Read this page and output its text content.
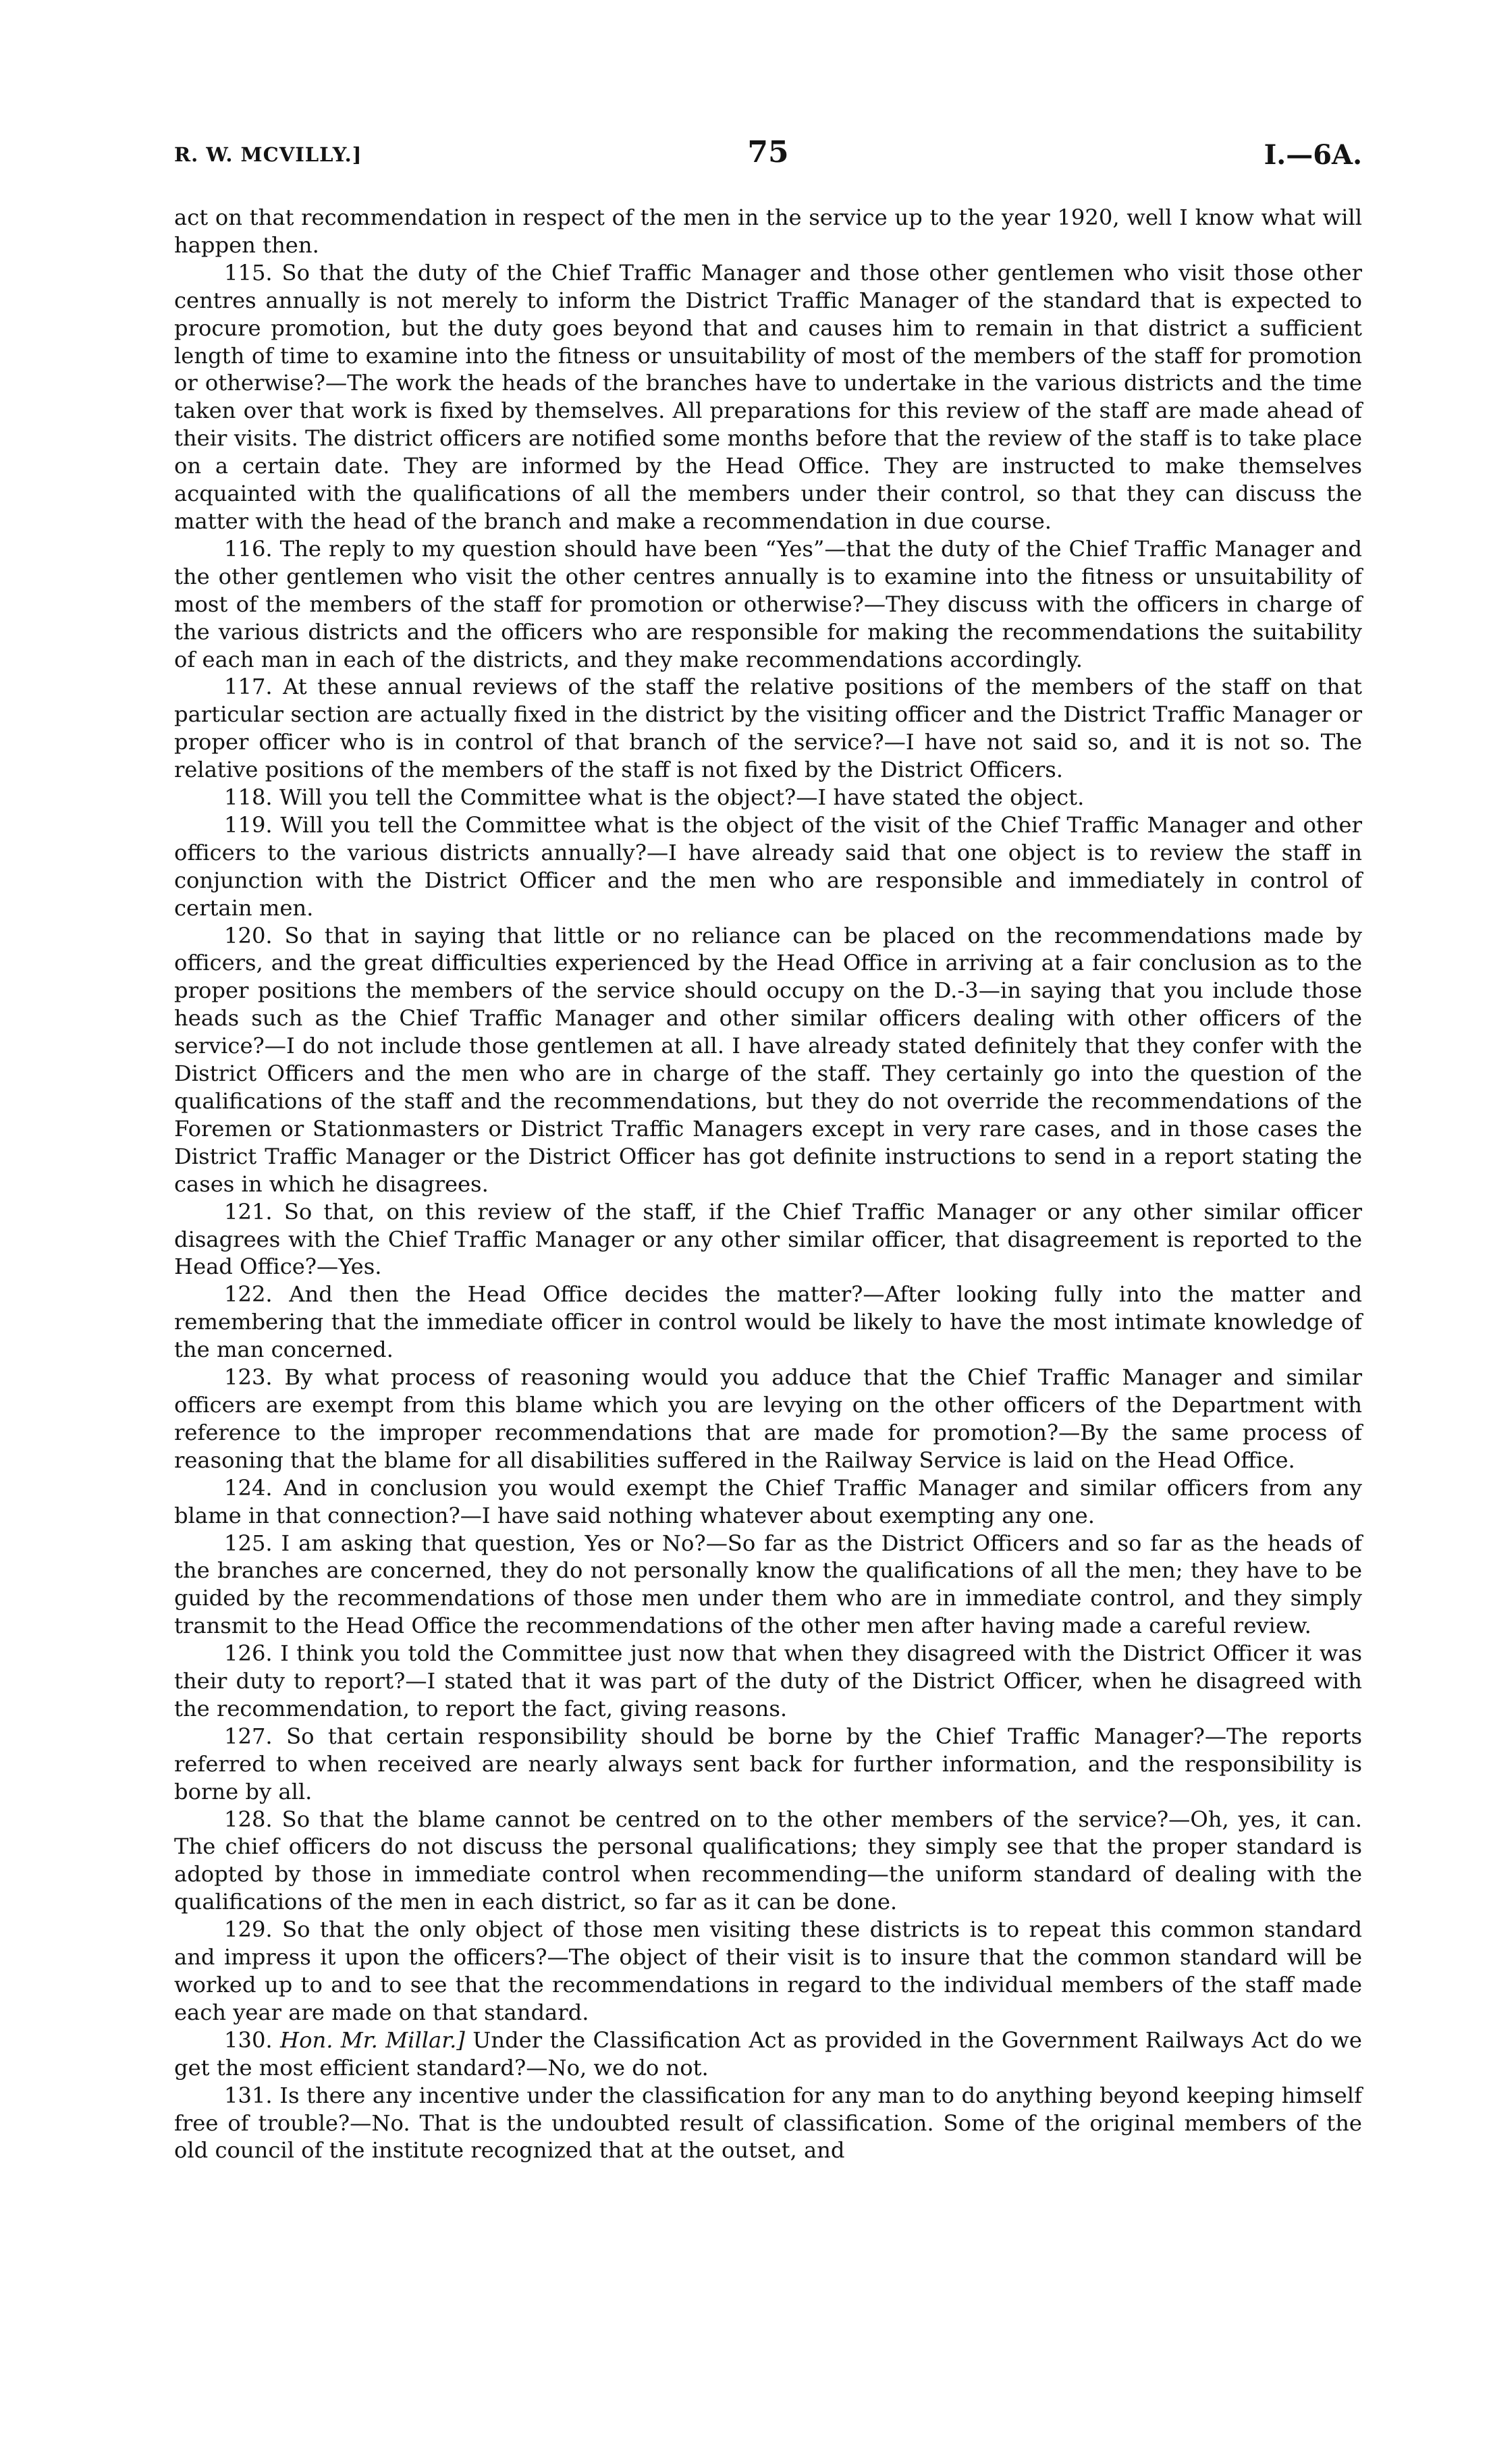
R. W. MCVILLY.]	75	I.—6A.

act on that recommendation in respect of the men in the service up to the year 1920, well I know what will happen then.

115. So that the duty of the Chief Traffic Manager and those other gentlemen who visit those other centres annually is not merely to inform the District Traffic Manager of the standard that is expected to procure promotion, but the duty goes beyond that and causes him to remain in that district a sufficient length of time to examine into the fitness or unsuitability of most of the members of the staff for promotion or otherwise?—The work the heads of the branches have to undertake in the various districts and the time taken over that work is fixed by themselves. All preparations for this review of the staff are made ahead of their visits. The district officers are notified some months before that the review of the staff is to take place on a certain date. They are informed by the Head Office. They are instructed to make themselves acquainted with the qualifications of all the members under their control, so that they can discuss the matter with the head of the branch and make a recommendation in due course.

116. The reply to my question should have been “Yes”—that the duty of the Chief Traffic Manager and the other gentlemen who visit the other centres annually is to examine into the fitness or unsuitability of most of the members of the staff for promotion or otherwise?—They discuss with the officers in charge of the various districts and the officers who are responsible for making the recommendations the suitability of each man in each of the districts, and they make recommendations accordingly.

117. At these annual reviews of the staff the relative positions of the members of the staff on that particular section are actually fixed in the district by the visiting officer and the District Traffic Manager or proper officer who is in control of that branch of the service?—I have not said so, and it is not so. The relative positions of the members of the staff is not fixed by the District Officers.

118. Will you tell the Committee what is the object?—I have stated the object.

119. Will you tell the Committee what is the object of the visit of the Chief Traffic Manager and other officers to the various districts annually?—I have already said that one object is to review the staff in conjunction with the District Officer and the men who are responsible and immediately in control of certain men.

120. So that in saying that little or no reliance can be placed on the recommendations made by officers, and the great difficulties experienced by the Head Office in arriving at a fair conclusion as to the proper positions the members of the service should occupy on the D.-3—in saying that you include those heads such as the Chief Traffic Manager and other similar officers dealing with other officers of the service?—I do not include those gentlemen at all. I have already stated definitely that they confer with the District Officers and the men who are in charge of the staff. They certainly go into the question of the qualifications of the staff and the recommendations, but they do not override the recommendations of the Foremen or Stationmasters or District Traffic Managers except in very rare cases, and in those cases the District Traffic Manager or the District Officer has got definite instructions to send in a report stating the cases in which he disagrees.

121. So that, on this review of the staff, if the Chief Traffic Manager or any other similar officer disagrees with the Chief Traffic Manager or any other similar officer, that disagreement is reported to the Head Office?—Yes.

122. And then the Head Office decides the matter?—After looking fully into the matter and remembering that the immediate officer in control would be likely to have the most intimate knowledge of the man concerned.

123. By what process of reasoning would you adduce that the Chief Traffic Manager and similar officers are exempt from this blame which you are levying on the other officers of the Department with reference to the improper recommendations that are made for promotion?—By the same process of reasoning that the blame for all disabilities suffered in the Railway Service is laid on the Head Office.

124. And in conclusion you would exempt the Chief Traffic Manager and similar officers from any blame in that connection?—I have said nothing whatever about exempting any one.

125. I am asking that question, Yes or No?—So far as the District Officers and so far as the heads of the branches are concerned, they do not personally know the qualifications of all the men; they have to be guided by the recommendations of those men under them who are in immediate control, and they simply transmit to the Head Office the recommendations of the other men after having made a careful review.

126. I think you told the Committee just now that when they disagreed with the District Officer it was their duty to report?—I stated that it was part of the duty of the District Officer, when he disagreed with the recommendation, to report the fact, giving reasons.

127. So that certain responsibility should be borne by the Chief Traffic Manager?—The reports referred to when received are nearly always sent back for further information, and the responsibility is borne by all.

128. So that the blame cannot be centred on to the other members of the service?—Oh, yes, it can. The chief officers do not discuss the personal qualifications; they simply see that the proper standard is adopted by those in immediate control when recommending—the uniform standard of dealing with the qualifications of the men in each district, so far as it can be done.

129. So that the only object of those men visiting these districts is to repeat this common standard and impress it upon the officers?—The object of their visit is to insure that the common standard will be worked up to and to see that the recommendations in regard to the individual members of the staff made each year are made on that standard.

130. Hon. Mr. Millar.] Under the Classification Act as provided in the Government Railways Act do we get the most efficient standard?—No, we do not.

131. Is there any incentive under the classification for any man to do anything beyond keeping himself free of trouble?—No. That is the undoubted result of classification. Some of the original members of the old council of the institute recognized that at the outset, and
